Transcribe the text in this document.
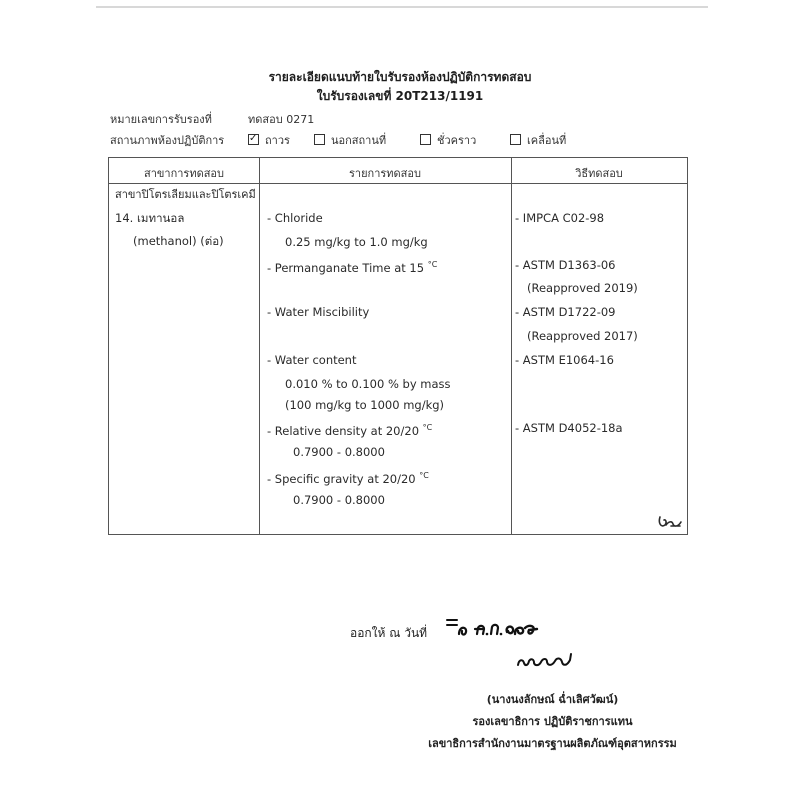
รายละเอียดแนบท้ายใบรับรองห้องปฏิบัติการทดสอบ
ใบรับรองเลขที่ 20T213/1191
หมายเลขการรับรองที่	ทดสอบ 0271
สถานภาพห้องปฏิบัติการ
✓	ถาวร	นอกสถานที่	ชั่วคราว	เคลื่อนที่
สาขาการทดสอบ	รายการทดสอบ	วิธีทดสอบ
สาขาปิโตรเลียมและปิโตรเคมี
14. เมทานอล
(methanol) (ต่อ)
- Chloride
0.25 mg/kg to 1.0 mg/kg
- Permanganate Time at 15 $^{^\circ C}$
- Water Miscibility
- Water content
0.010 % to 0.100 % by mass
(100 mg/kg to 1000 mg/kg)
- Relative density at 20/20 $^{^\circ C}$
0.7900 - 0.8000
- Specific gravity at 20/20 $^{^\circ C}$
0.7900 - 0.8000
- IMPCA C02-98
- ASTM D1363-06
(Reapproved 2019)
- ASTM D1722-09
(Reapproved 2017)
- ASTM E1064-16
- ASTM D4052-18a
ออกให้ ณ วันที่
(นางนงลักษณ์ ฉ่ำเลิศวัฒน์)
รองเลขาธิการ ปฏิบัติราชการแทน
เลขาธิการสำนักงานมาตรฐานผลิตภัณฑ์อุตสาหกรรม
